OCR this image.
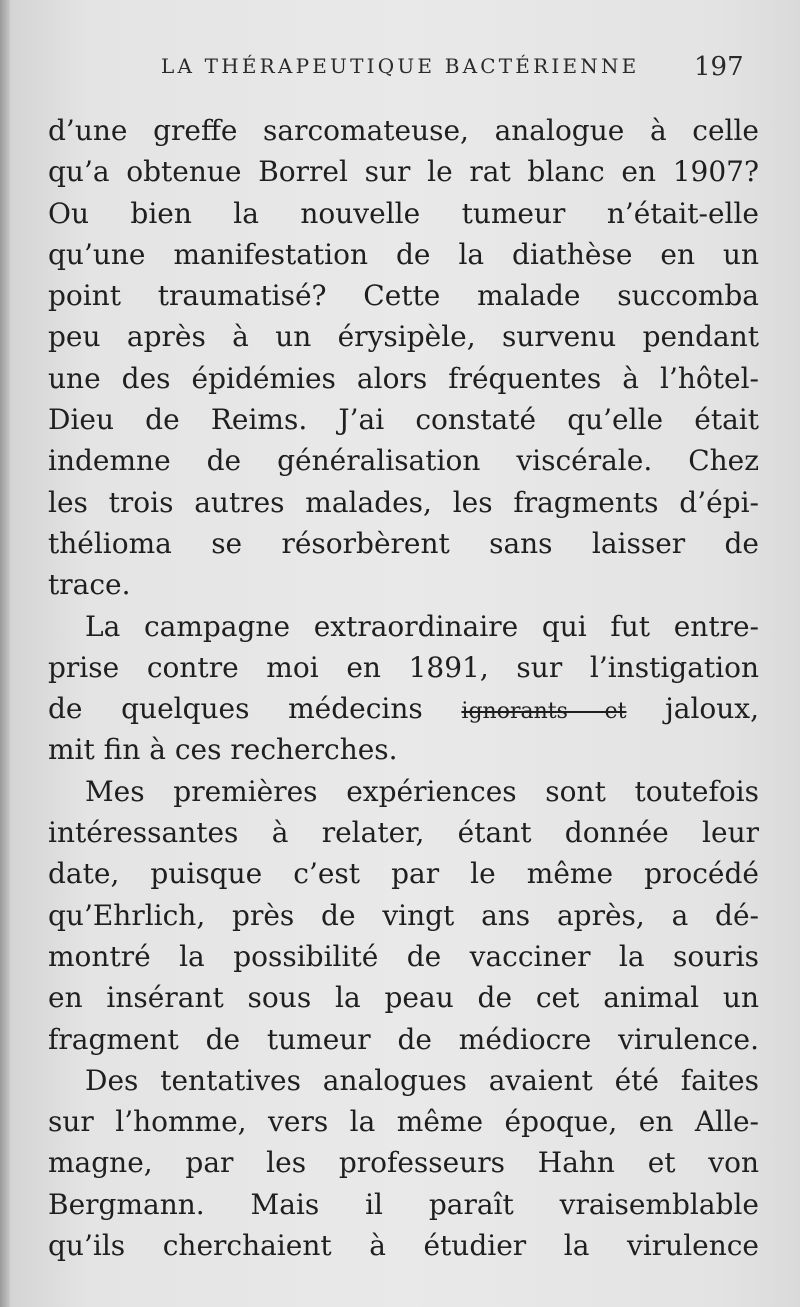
LA THÉRAPEUTIQUE BACTÉRIENNE 197
d’une greffe sarcomateuse, analogue à celle
qu’a obtenue Borrel sur le rat blanc en 1907?
Ou bien la nouvelle tumeur n’était-elle
qu’une manifestation de la diathèse en un
point traumatisé? Cette malade succomba
peu après à un érysipèle, survenu pendant
une des épidémies alors fréquentes à l’hôtel-
Dieu de Reims. J’ai constaté qu’elle était
indemne de généralisation viscérale. Chez
les trois autres malades, les fragments d’épi-
thélioma se résorbèrent sans laisser de
trace.
La campagne extraordinaire qui fut entre-
prise contre moi en 1891, sur l’instigation
de quelques médecins ignorants et jaloux,
mit fin à ces recherches.
Mes premières expériences sont toutefois
intéressantes à relater, étant donnée leur
date, puisque c’est par le même procédé
qu’Ehrlich, près de vingt ans après, a dé-
montré la possibilité de vacciner la souris
en insérant sous la peau de cet animal un
fragment de tumeur de médiocre virulence.
Des tentatives analogues avaient été faites
sur l’homme, vers la même époque, en Alle-
magne, par les professeurs Hahn et von
Bergmann. Mais il paraît vraisemblable
qu’ils cherchaient à étudier la virulence
